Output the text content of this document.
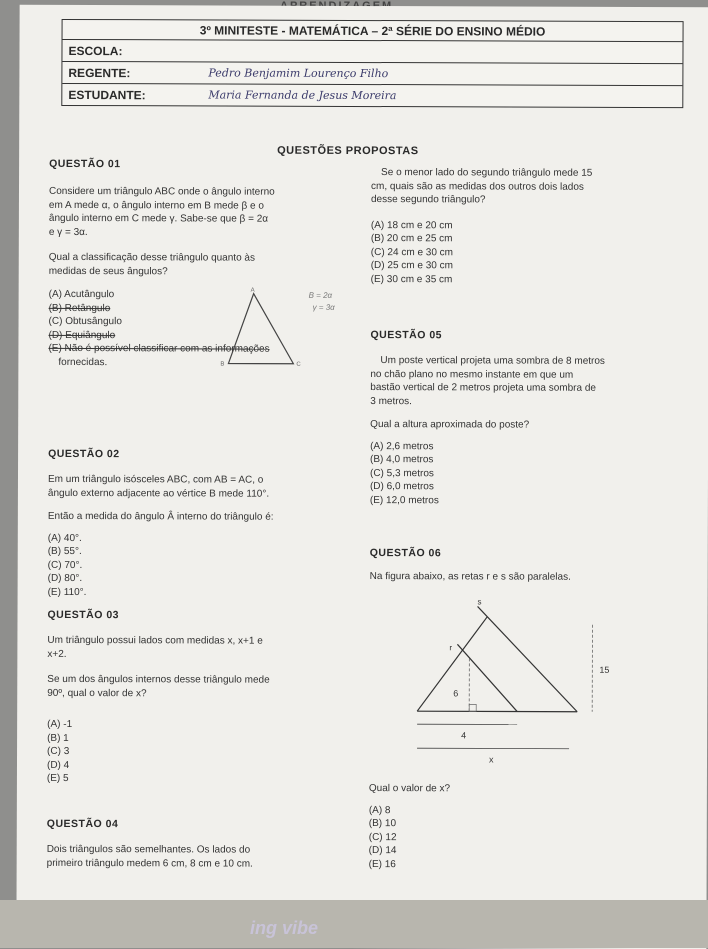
3º MINITESTE - MATEMÁTICA – 2ª SÉRIE DO ENSINO MÉDIO
ESCOLA:
REGENTE:	Pedro Benjamim Lourenço Filho
ESTUDANTE:	Maria Fernanda de Jesus Moreira
QUESTÕES PROPOSTAS
QUESTÃO 01
Considere um triângulo ABC onde o ângulo interno
em A mede α, o ângulo interno em B mede β e o
ângulo interno em C mede γ. Sabe-se que β = 2α
e γ = 3α.
Qual a classificação desse triângulo quanto às
medidas de seus ângulos?
(A) Acutângulo
(B) Retângulo
(C) Obtusângulo
(D) Equiângulo
(E) Não é possível classificar com as informações
fornecidas.
A
B	C
B = 2α
γ = 3α
QUESTÃO 02
Em um triângulo isósceles ABC, com AB = AC, o
ângulo externo adjacente ao vértice B mede 110°.
Então a medida do ângulo Â interno do triângulo é:
(A) 40°.
(B) 55°.
(C) 70°.
(D) 80°.
(E) 110°.
QUESTÃO 03
Um triângulo possui lados com medidas x, x+1 e
x+2.
Se um dos ângulos internos desse triângulo mede
90º, qual o valor de x?
(A) -1
(B) 1
(C) 3
(D) 4
(E) 5
QUESTÃO 04
Dois triângulos são semelhantes. Os lados do
primeiro triângulo medem 6 cm, 8 cm e 10 cm.
Se o menor lado do segundo triângulo mede 15
cm, quais são as medidas dos outros dois lados
desse segundo triângulo?
(A) 18 cm e 20 cm
(B) 20 cm e 25 cm
(C) 24 cm e 30 cm
(D) 25 cm e 30 cm
(E) 30 cm e 35 cm
QUESTÃO 05
Um poste vertical projeta uma sombra de 8 metros
no chão plano no mesmo instante em que um
bastão vertical de 2 metros projeta uma sombra de
3 metros.
Qual a altura aproximada do poste?
(A) 2,6 metros
(B) 4,0 metros
(C) 5,3 metros
(D) 6,0 metros
(E) 12,0 metros
QUESTÃO 06
Na figura abaixo, as retas r e s são paralelas.
s
r
6
15
4
x
Qual o valor de x?
(A) 8
(B) 10
(C) 12
(D) 14
(E) 16
ing vibe
